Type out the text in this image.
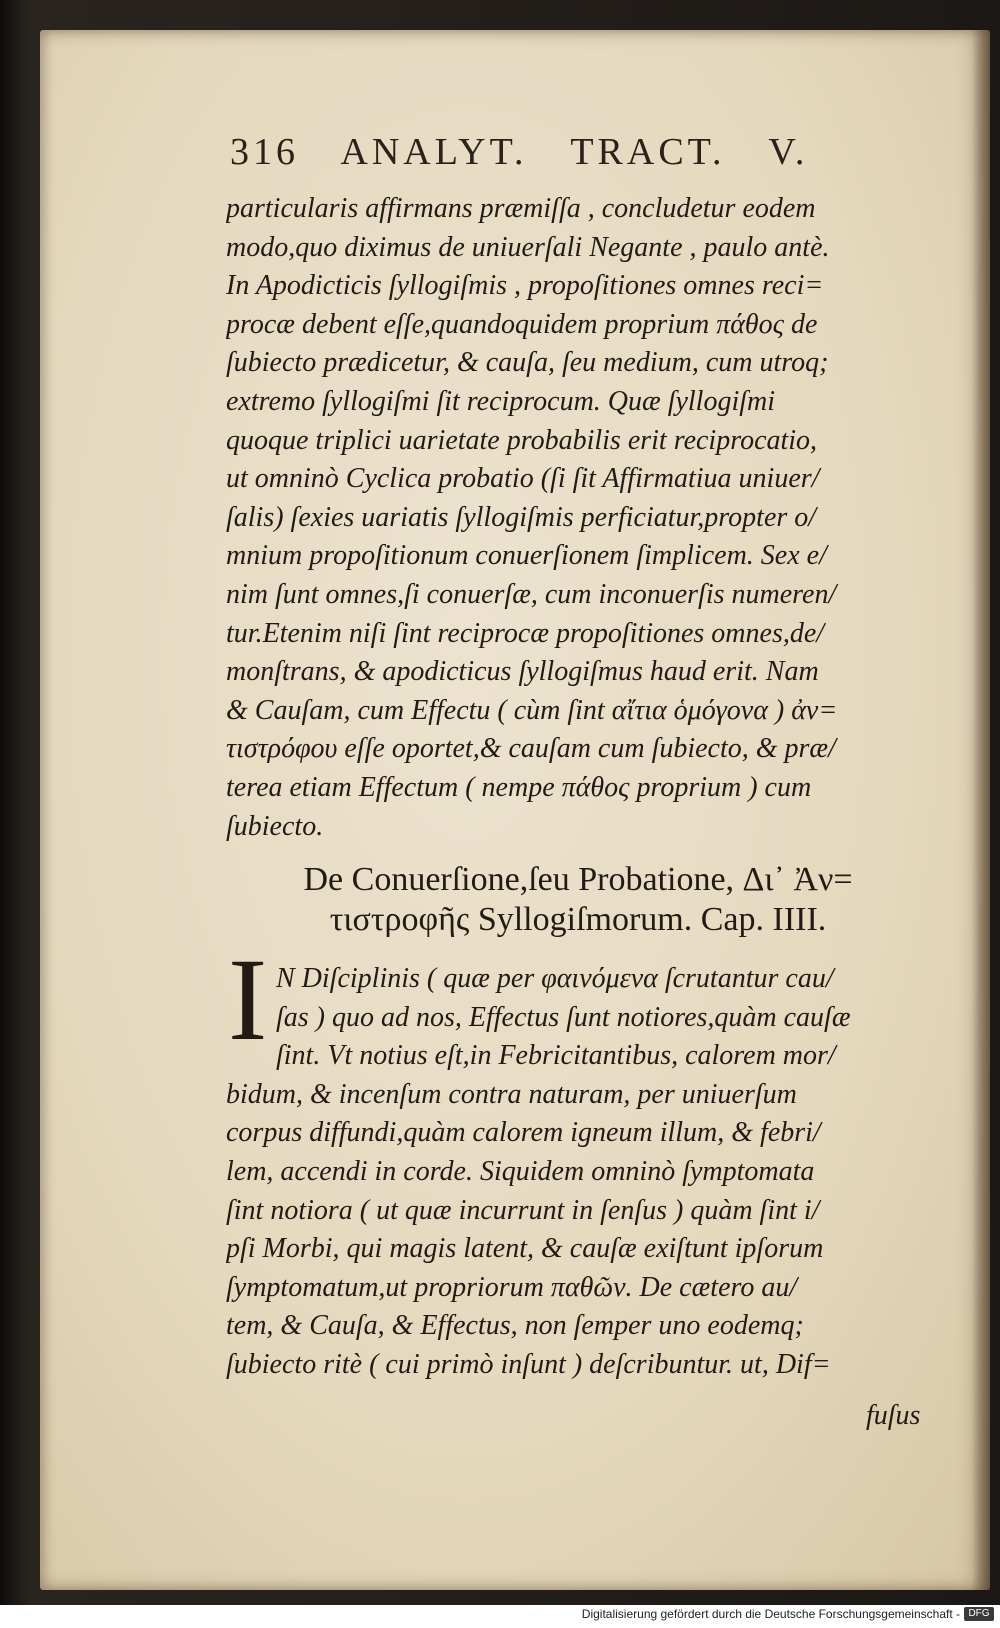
316 ANALYT. TRACT. V.
particularis affirmans præmiſſa , concludetur eodem
modo,quo diximus de uniuerſali Negante , paulo antè.
In Apodicticis ſyllogiſmis , propoſitiones omnes reci=
procæ debent eſſe,quandoquidem proprium πάθος de
ſubiecto prædicetur, & cauſa, ſeu medium, cum utroq;
extremo ſyllogiſmi ſit reciprocum. Quæ ſyllogiſmi
quoque triplici uarietate probabilis erit reciprocatio,
ut omninò Cyclica probatio (ſi ſit Affirmatiua uniuer/
ſalis) ſexies uariatis ſyllogiſmis perficiatur,propter o/
mnium propoſitionum conuerſionem ſimplicem. Sex e/
nim ſunt omnes,ſi conuerſæ, cum inconuerſis numeren/
tur.Etenim niſi ſint reciprocæ propoſitiones omnes,de/
monſtrans, & apodicticus ſyllogiſmus haud erit. Nam
& Cauſam, cum Effectu ( cùm ſint αἴτια ὁμόγονα ) ἀν=
τιστρόφου eſſe oportet,& cauſam cum ſubiecto, & præ/
terea etiam Effectum ( nempe πάθος proprium ) cum
ſubiecto.
De Conuerſione,ſeu Probatione, Δι᾽ Ἀν=
τιστροφῆς Syllogiſmorum. Cap. IIII.
I N Diſciplinis ( quæ per φαινόμενα ſcrutantur cau/
ſas ) quo ad nos, Effectus ſunt notiores,quàm cauſæ
ſint. Vt notius eſt,in Febricitantibus, calorem mor/
bidum, & incenſum contra naturam, per uniuerſum
corpus diffundi,quàm calorem igneum illum, & febri/
lem, accendi in corde. Siquidem omninò ſymptomata
ſint notiora ( ut quæ incurrunt in ſenſus ) quàm ſint i/
pſi Morbi, qui magis latent, & cauſæ exiſtunt ipſorum
ſymptomatum,ut propriorum παθῶν. De cætero au/
tem, & Cauſa, & Effectus, non ſemper uno eodemq;
ſubiecto ritè ( cui primò inſunt ) deſcribuntur. ut, Dif=
fuſus
Digitalisierung gefördert durch die Deutsche Forschungsgemeinschaft - DFG
